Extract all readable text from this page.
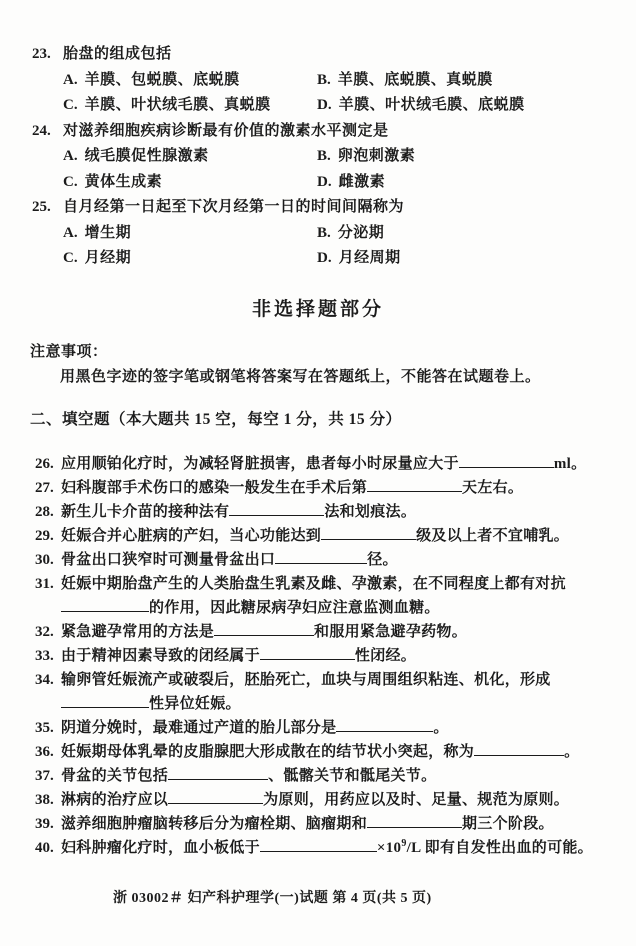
23. 胎盘的组成包括
A. 羊膜、包蜕膜、底蜕膜	B. 羊膜、底蜕膜、真蜕膜
C. 羊膜、叶状绒毛膜、真蜕膜	D. 羊膜、叶状绒毛膜、底蜕膜
24. 对滋养细胞疾病诊断最有价值的激素水平测定是
A. 绒毛膜促性腺激素	B. 卵泡刺激素
C. 黄体生成素	D. 雌激素
25. 自月经第一日起至下次月经第一日的时间间隔称为
A. 增生期	B. 分泌期
C. 月经期	D. 月经周期
非选择题部分
注意事项：
用黑色字迹的签字笔或钢笔将答案写在答题纸上，不能答在试题卷上。
二、填空题（本大题共 15 空，每空 1 分，共 15 分）
26. 应用顺铂化疗时，为减轻肾脏损害，患者每小时尿量应大于	ml。
27. 妇科腹部手术伤口的感染一般发生在手术后第	天左右。
28. 新生儿卡介苗的接种法有	法和划痕法。
29. 妊娠合并心脏病的产妇，当心功能达到	级及以上者不宜哺乳。
30. 骨盆出口狭窄时可测量骨盆出口	径。
31. 妊娠中期胎盘产生的人类胎盘生乳素及雌、孕激素，在不同程度上都有对抗
的作用，因此糖尿病孕妇应注意监测血糖。
32. 紧急避孕常用的方法是	和服用紧急避孕药物。
33. 由于精神因素导致的闭经属于	性闭经。
34. 输卵管妊娠流产或破裂后，胚胎死亡，血块与周围组织粘连、机化，形成
性异位妊娠。
35. 阴道分娩时，最难通过产道的胎儿部分是	。
36. 妊娠期母体乳晕的皮脂腺肥大形成散在的结节状小突起，称为	。
37. 骨盆的关节包括	、骶髂关节和骶尾关节。
38. 淋病的治疗应以	为原则，用药应以及时、足量、规范为原则。
39. 滋养细胞肿瘤脑转移后分为瘤栓期、脑瘤期和	期三个阶段。
40. 妇科肿瘤化疗时，血小板低于	$\times 10^9/L$ 即有自发性出血的可能。
浙 03002＃ 妇产科护理学(一)试题 第 4 页(共 5 页)
